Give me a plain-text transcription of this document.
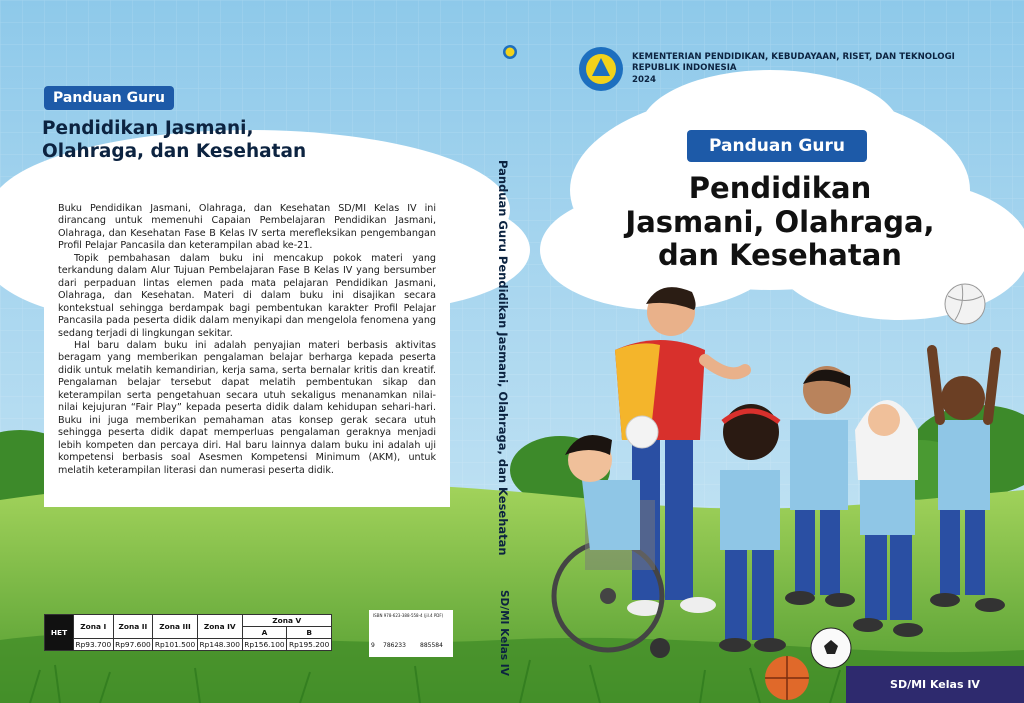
Panduan Guru
Pendidikan Jasmani,
Olahraga, dan Kesehatan

Buku Pendidikan Jasmani, Olahraga, dan Kesehatan SD/MI Kelas IV ini dirancang untuk memenuhi Capaian Pembelajaran Pendidikan Jasmani, Olahraga, dan Kesehatan Fase B Kelas IV serta merefleksikan pengembangan Profil Pelajar Pancasila dan keterampilan abad ke-21.

Topik pembahasan dalam buku ini mencakup pokok materi yang terkandung dalam Alur Tujuan Pembelajaran Fase B Kelas IV yang bersumber dari perpaduan lintas elemen pada mata pelajaran Pendidikan Jasmani, Olahraga, dan Kesehatan. Materi di dalam buku ini disajikan secara kontekstual sehingga berdampak bagi pembentukan karakter Profil Pelajar Pancasila pada peserta didik dalam menyikapi dan mengelola fenomena yang sedang terjadi di lingkungan sekitar.

Hal baru dalam buku ini adalah penyajian materi berbasis aktivitas beragam yang memberikan pengalaman belajar berharga kepada peserta didik untuk melatih kemandirian, kerja sama, serta bernalar kritis dan kreatif. Pengalaman belajar tersebut dapat melatih pembentukan sikap dan keterampilan serta pengetahuan secara utuh sekaligus menanamkan nilai-nilai kejujuran “Fair Play” kepada peserta didik dalam kehidupan sehari-hari. Buku ini juga memberikan pemahaman atas konsep gerak secara utuh sehingga peserta didik dapat memperluas pengalaman geraknya menjadi lebih kompeten dan percaya diri. Hal baru lainnya dalam buku ini adalah uji kompetensi berbasis soal Asesmen Kompetensi Minimum (AKM), untuk melatih keterampilan literasi dan numerasi peserta didik.

HET	Zona I	Zona II	Zona III	Zona IV	Zona V	
					A	B
	Rp93.700	Rp97.600	Rp101.500	Rp148.300	Rp156.100	Rp195.200
ISBN 978-623-388-558-4 (jil.4 PDF)
9 786233 885584
Panduan Guru Pendidikan Jasmani, Olahraga, dan Kesehatan
SD/MI Kelas IV
KEMENTERIAN PENDIDIKAN, KEBUDAYAAN, RISET, DAN TEKNOLOGI
REPUBLIK INDONESIA
2024
Panduan Guru
Pendidikan
Jasmani, Olahraga,
dan Kesehatan
SD/MI Kelas IV
